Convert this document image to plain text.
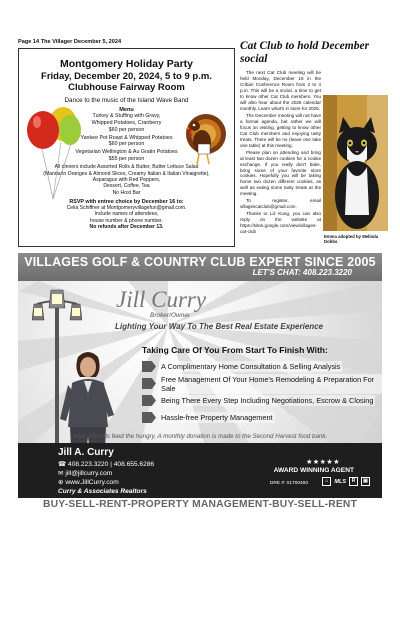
Page 14 The Villager December 5, 2024
Montgomery Holiday Party
Friday, December 20, 2024, 5 to 9 p.m.
Clubhouse Fairway Room
Dance to the music of the Island Wave Band
Menu
Turkey & Stuffing with Gravy,
Whipped Potatoes, Cranberry
$60 per person
Yankee Pot Roast & Whipped Potatoes
$60 per person
Vegetarian Wellington & Au Gratin Potatoes
$55 per person
All dinners include Assorted Rolls & Butter, Butter Lettuce Salad
(Mandarin Oranges & Almond Slices, Creamy Italian & Italian Vinaigrette),
Asparagus with Red Peppers,
Dessert, Coffee, Tea
No Host Bar
RSVP with entree choice by December 16 to:
Celia Schiffner at Montgomeryvillagefun@gmail.com.
Include names of attendees,
house number & phone number.
No refunds after December 13.
Cat Club to hold December social

The next Cat Club meeting will be held Monday, December 16 in the Cribari Conference Room from 2 to 4 p.m. This will be a social, a time to get to know other Cat Club members. You will also hear about the 2025 calendar monthly. Learn what's in store for 2025.

The December meeting will not have a formal agenda, but rather we will focus on visiting, getting to know other Cat Club members and enjoying tasty treats. There will be no (leave one take one table) at this meeting.

Please plan on attending and bring at least two dozen cookies for a cookie exchange. If you really don't bake, bring some of your favorite store cookies. Hopefully you will be taking home two dozen different cookies, as well as eating some tasty treats at the meeting.

To register, email villagescatclub@gmail.com.

Thanks to Liz Kung, you can also reply on the website at https://sites.google.com/view/villages-cat-club

Emma adopted by Melinda Dobbs
VILLAGES GOLF & COUNTRY CLUB EXPERT SINCE 2005
LET'S CHAT: 408.223.3220
Jill Curry
Broker/Owner
Lighting Your Way To The Best Real Estate Experience
Taking Care Of You From Start To Finish With:
A Complimentary Home Consultation & Selling Analysis
Free Management Of Your Home's Remodeling & Preparation For Sale
Being There Every Step Including Negotiations, Escrow & Closing
Hassle-free Property Management
Your referrals feed the hungry. A monthly donation is made to the Second Harvest food bank.
Jill A. Curry
☎ 408.223.3220 | 408.655.6286
✉ jill@jillcurry.com
⊕ www.JillCurry.com
Curry & Associates Realtors
★★★★★
AWARD WINNING AGENT
DRE #: 01700460	⌂	MLS	R	▣
BUY-SELL-RENT-PROPERTY MANAGEMENT-BUY-SELL-RENT
